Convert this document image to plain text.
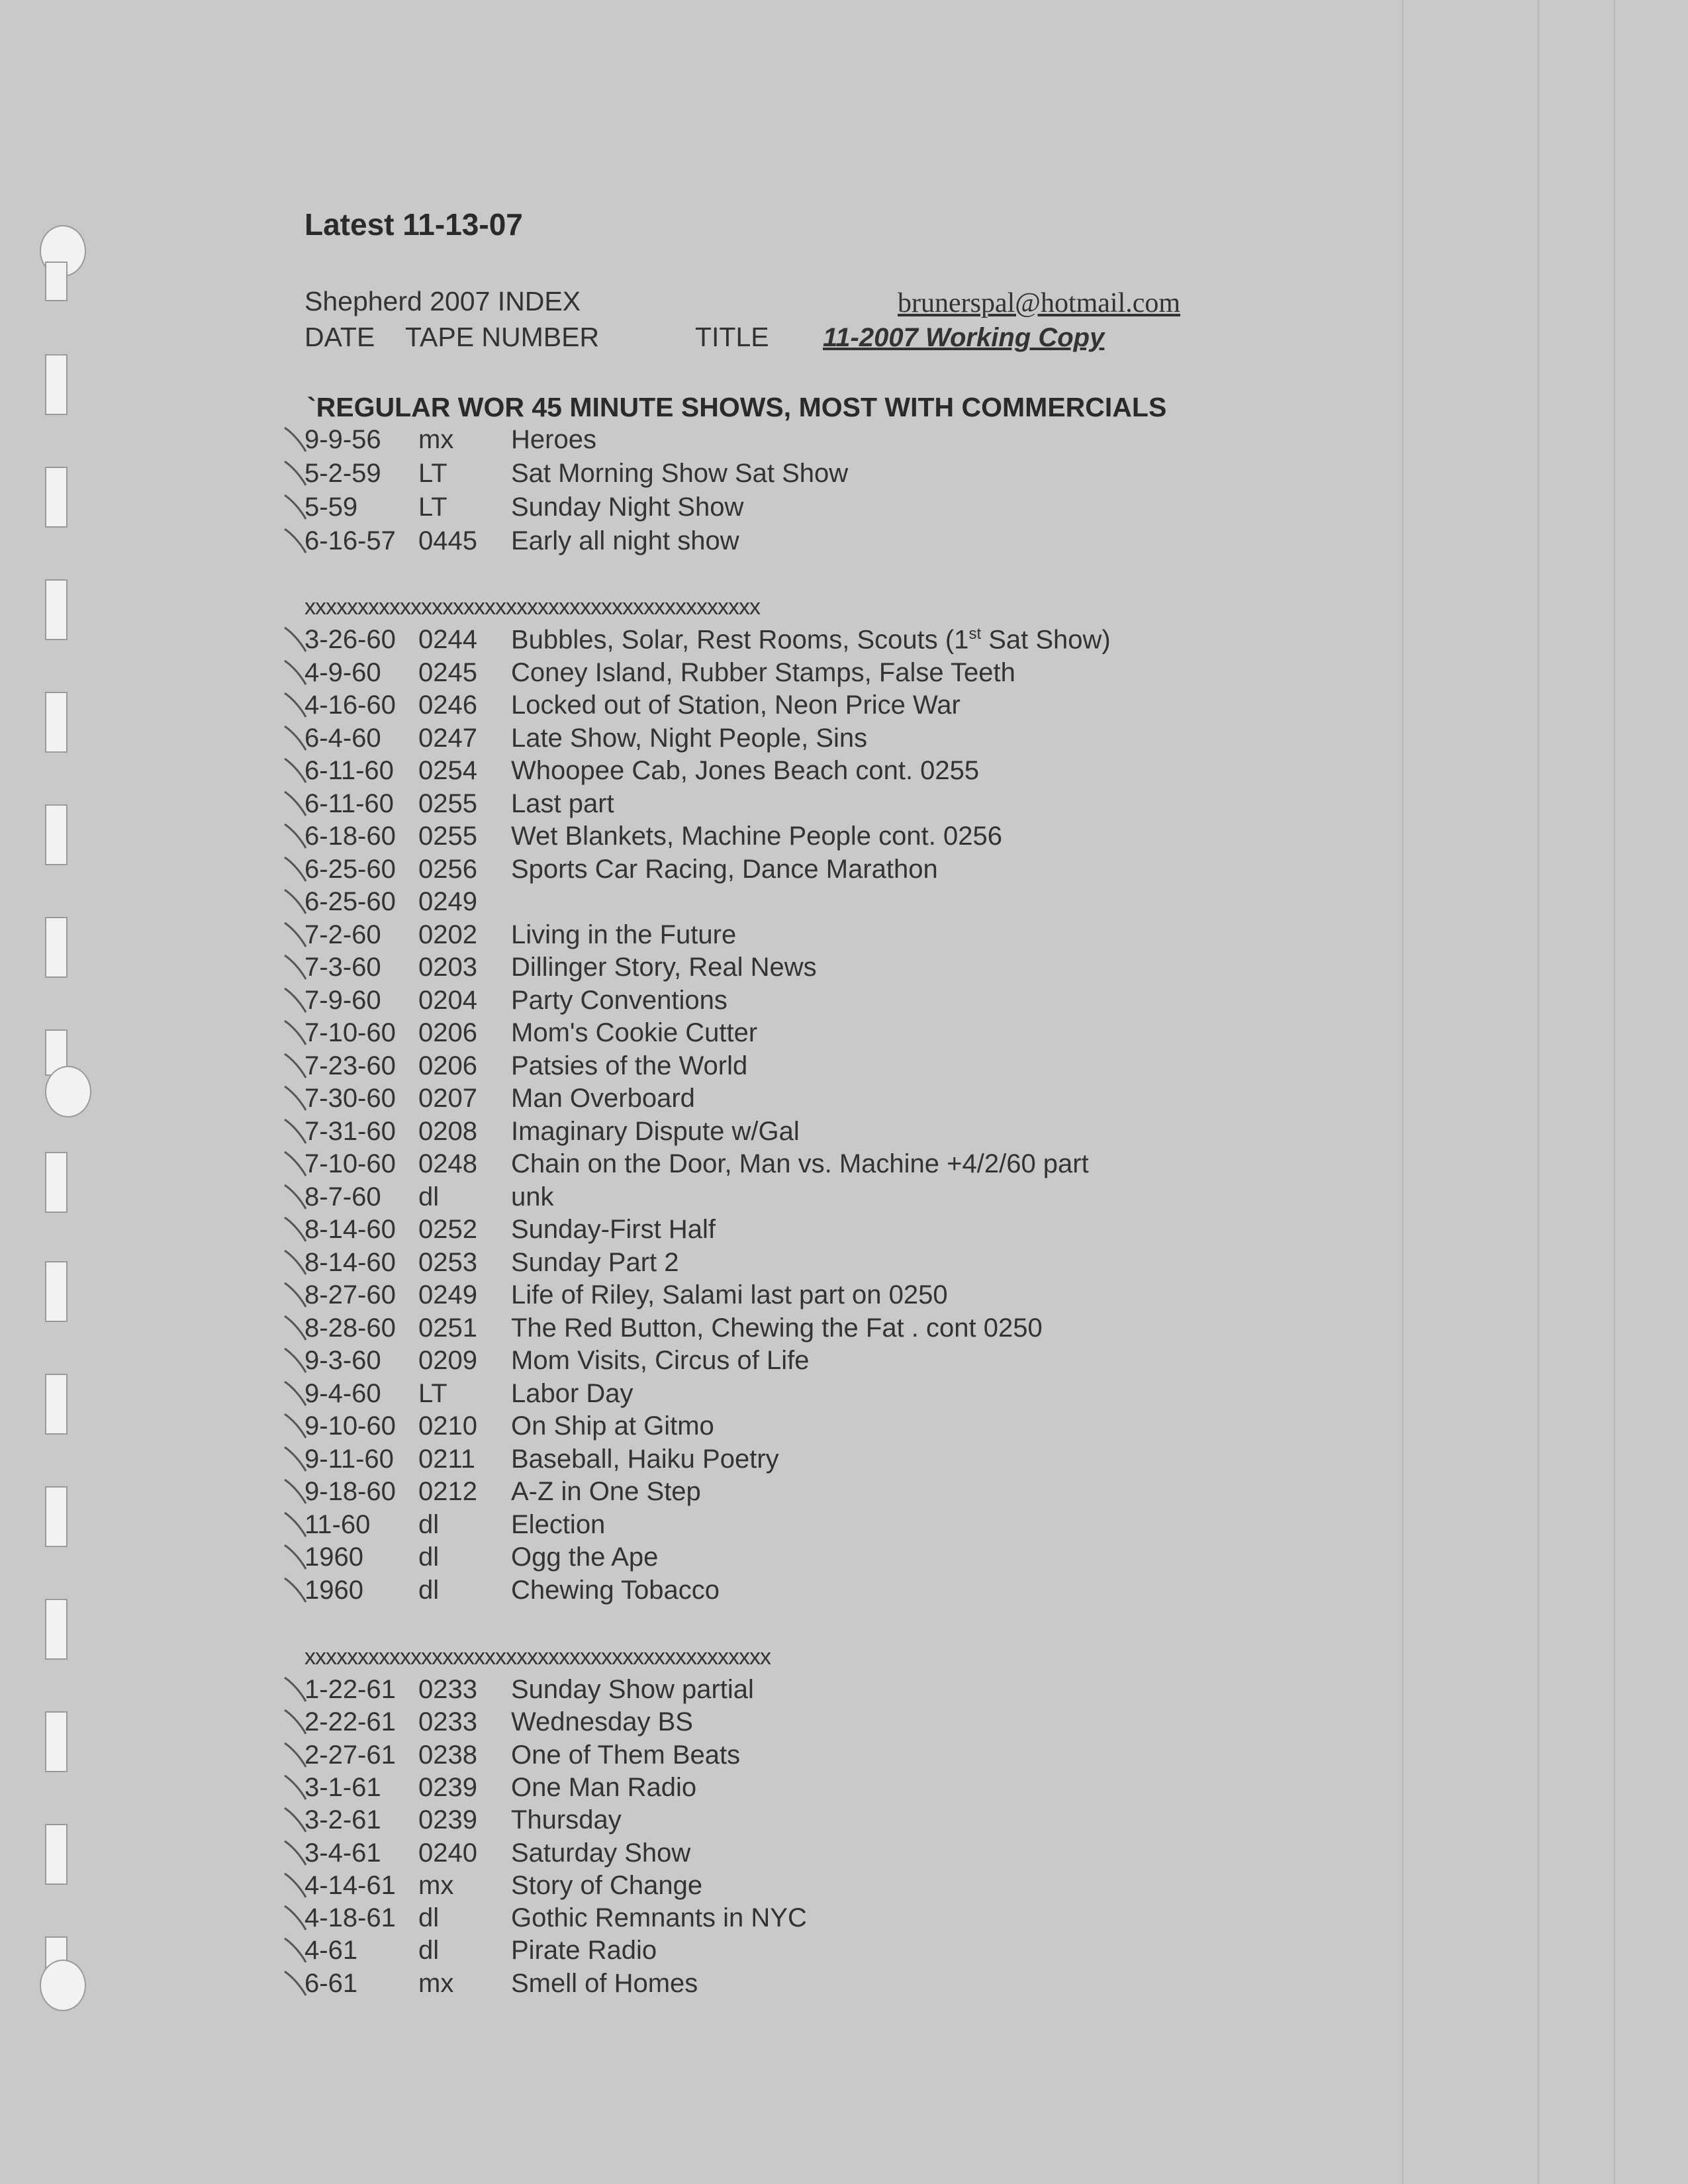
Latest 11-13-07
Shepherd 2007 INDEX	brunerspal@hotmail.com
DATE TAPE NUMBER	TITLE 11-2007 Working Copy
`REGULAR WOR 45 MINUTE SHOWS, MOST WITH COMMERCIALS
9-9-56 mx Heroes
5-2-59 LT Sat Morning Show Sat Show
5-59 LT Sunday Night Show
6-16-57 0445 Early all night show
xxxxxxxxxxxxxxxxxxxxxxxxxxxxxxxxxxxxxxxxxxx
3-26-60 0244 Bubbles, Solar, Rest Rooms, Scouts (1st Sat Show)
4-9-60 0245 Coney Island, Rubber Stamps, False Teeth
4-16-60 0246 Locked out of Station, Neon Price War
6-4-60 0247 Late Show, Night People, Sins
6-11-60 0254 Whoopee Cab, Jones Beach cont. 0255
6-11-60 0255 Last part
6-18-60 0255 Wet Blankets, Machine People cont. 0256
6-25-60 0256 Sports Car Racing, Dance Marathon
6-25-60 0249
7-2-60 0202 Living in the Future
7-3-60 0203 Dillinger Story, Real News
7-9-60 0204 Party Conventions
7-10-60 0206 Mom's Cookie Cutter
7-23-60 0206 Patsies of the World
7-30-60 0207 Man Overboard
7-31-60 0208 Imaginary Dispute w/Gal
7-10-60 0248 Chain on the Door, Man vs. Machine +4/2/60 part
8-7-60 dl	unk
8-14-60 0252 Sunday-First Half
8-14-60 0253 Sunday Part 2
8-27-60 0249 Life of Riley, Salami last part on 0250
8-28-60 0251 The Red Button, Chewing the Fat . cont 0250
9-3-60 0209 Mom Visits, Circus of Life
9-4-60 LT Labor Day
9-10-60 0210 On Ship at Gitmo
9-11-60 0211 Baseball, Haiku Poetry
9-18-60 0212 A-Z in One Step
11-60 dl	Election
1960 dl	Ogg the Ape
1960 dl	Chewing Tobacco
xxxxxxxxxxxxxxxxxxxxxxxxxxxxxxxxxxxxxxxxxxxx
1-22-61 0233 Sunday Show partial
2-22-61 0233 Wednesday BS
2-27-61 0238 One of Them Beats
3-1-61 0239 One Man Radio
3-2-61 0239 Thursday
3-4-61 0240 Saturday Show
4-14-61 mx Story of Change
4-18-61 dl	Gothic Remnants in NYC
4-61 dl	Pirate Radio
6-61 mx Smell of Homes
